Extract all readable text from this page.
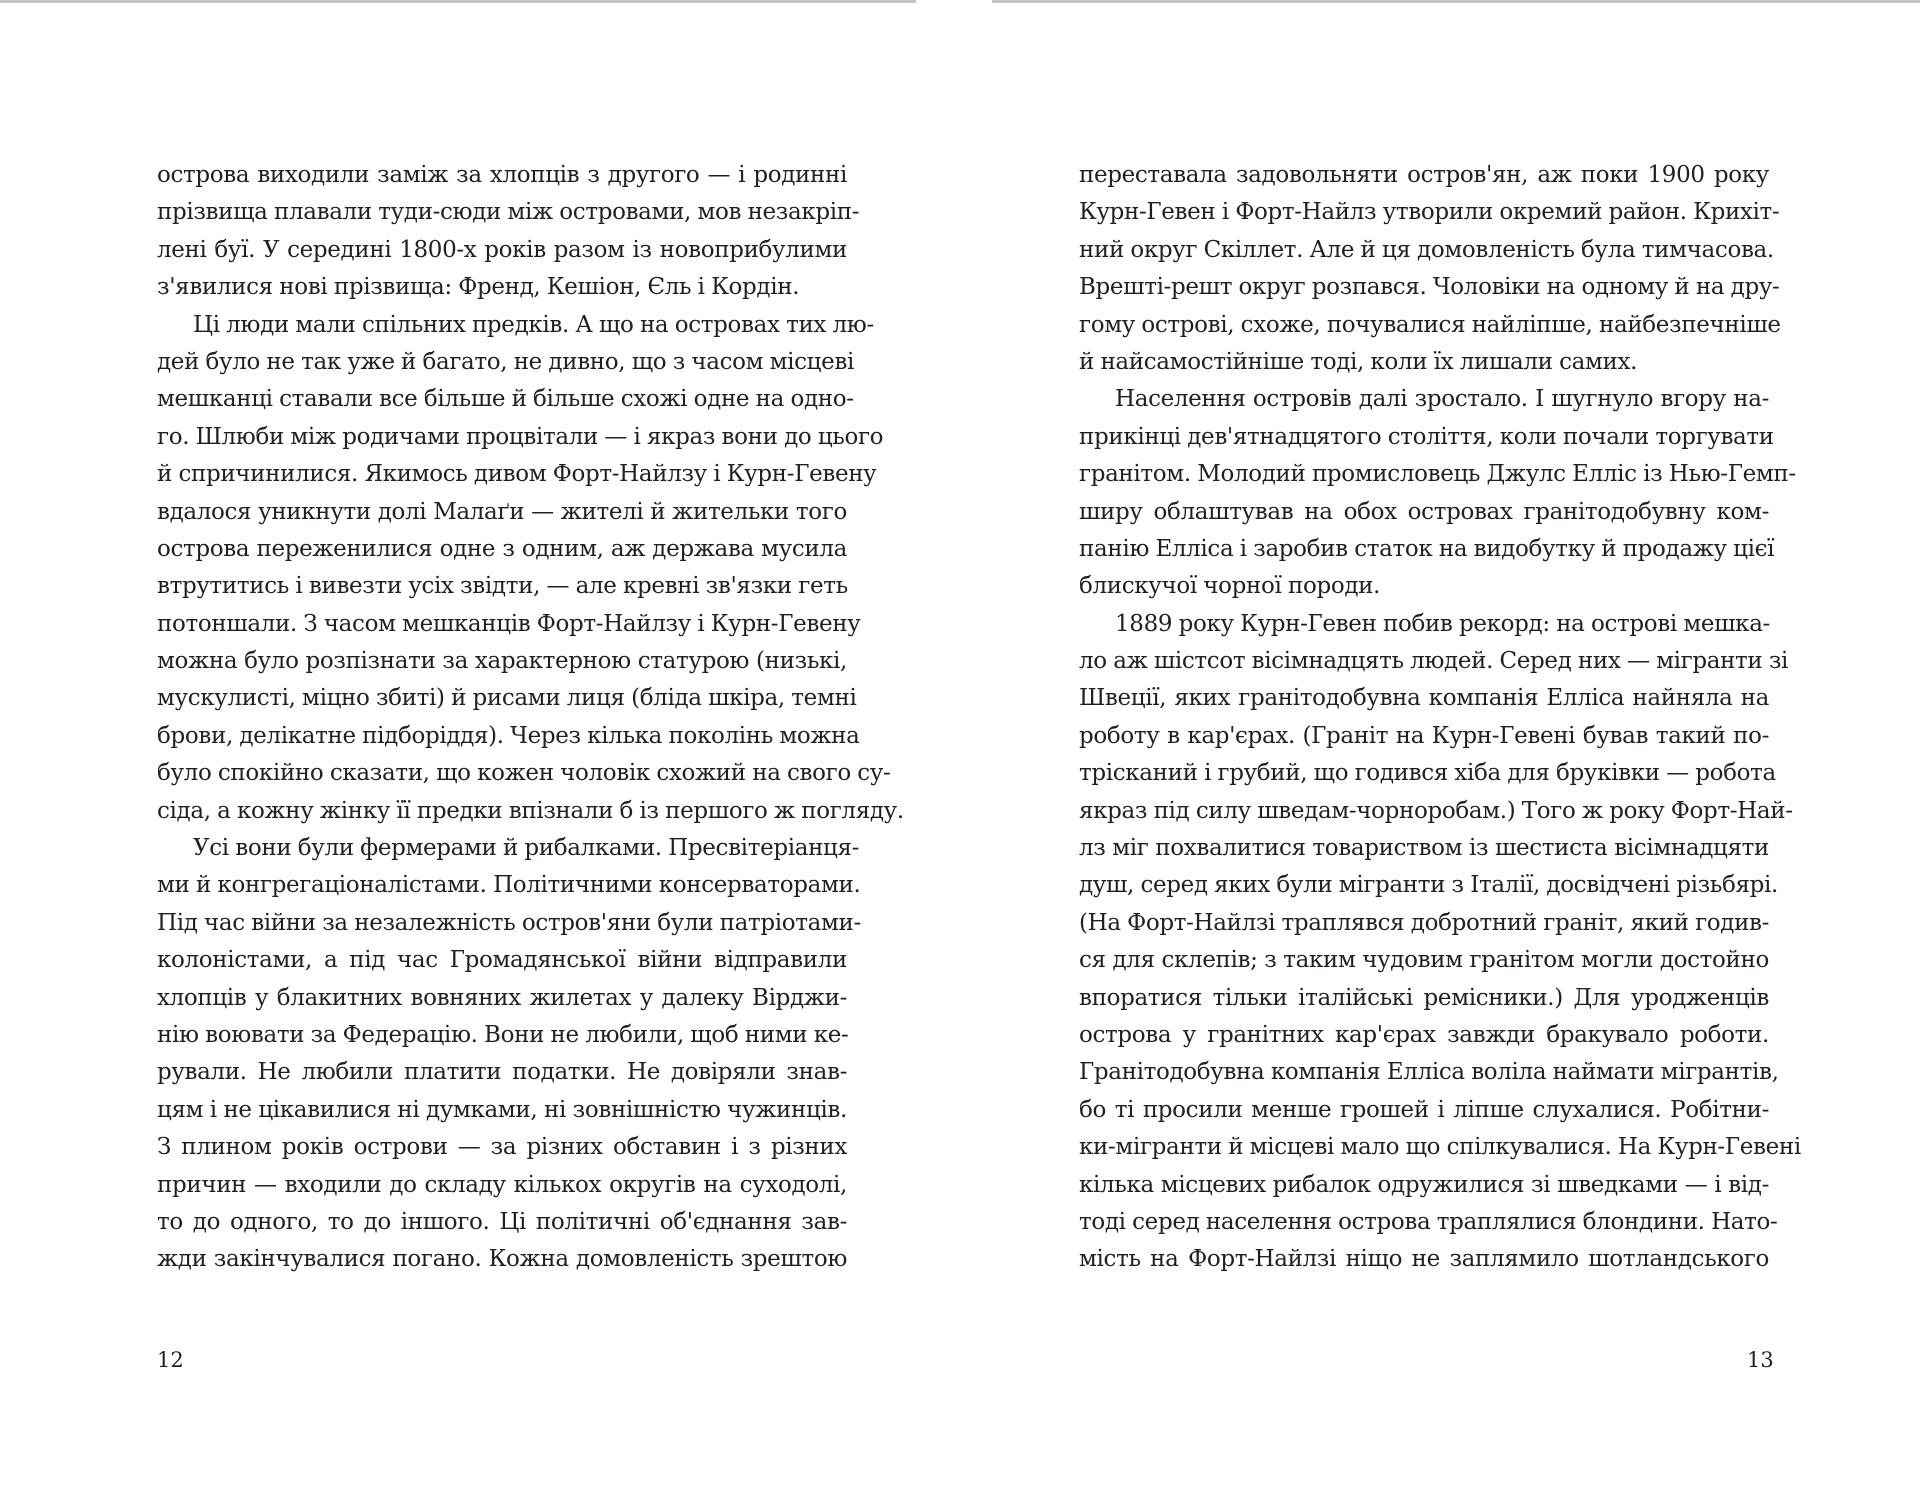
острова виходили заміж за хлопців з другого — і родинні
прізвища плавали туди-сюди між островами, мов незакріп-
лені буї. У середині 1800-х років разом із новоприбулими
з'явилися нові прізвища: Френд, Кешіон, Єль і Кордін.
Ці люди мали спільних предків. А що на островах тих лю-
дей було не так уже й багато, не дивно, що з часом місцеві
мешканці ставали все більше й більше схожі одне на одно-
го. Шлюби між родичами процвітали — і якраз вони до цього
й спричинилися. Якимось дивом Форт-Найлзу і Курн-Гевену
вдалося уникнути долі Малаґи — жителі й жительки того
острова переженилися одне з одним, аж держава мусила
втрутитись і вивезти усіх звідти, — але кревні зв'язки геть
потоншали. З часом мешканців Форт-Найлзу і Курн-Гевену
можна було розпізнати за характерною статурою (низькі,
мускулисті, міцно збиті) й рисами лиця (бліда шкіра, темні
брови, делікатне підборіддя). Через кілька поколінь можна
було спокійно сказати, що кожен чоловік схожий на свого су-
сіда, а кожну жінку її предки впізнали б із першого ж погляду.
Усі вони були фермерами й рибалками. Пресвітеріанця-
ми й конгрегаціоналістами. Політичними консерваторами.
Під час війни за незалежність остров'яни були патріотами-
колоністами, а під час Громадянської війни відправили
хлопців у блакитних вовняних жилетах у далеку Вірджи-
нію воювати за Федерацію. Вони не любили, щоб ними ке-
рували. Не любили платити податки. Не довіряли знав-
цям і не цікавилися ні думками, ні зовнішністю чужинців.
З плином років острови — за різних обставин і з різних
причин — входили до складу кількох округів на суходолі,
то до одного, то до іншого. Ці політичні об'єднання зав-
жди закінчувалися погано. Кожна домовленість зрештою
12
переставала задовольняти остров'ян, аж поки 1900 року
Курн-Гевен і Форт-Найлз утворили окремий район. Крихіт-
ний округ Скіллет. Але й ця домовленість була тимчасова.
Врешті-решт округ розпався. Чоловіки на одному й на дру-
гому острові, схоже, почувалися найліпше, найбезпечніше
й найсамостійніше тоді, коли їх лишали самих.
Населення островів далі зростало. І шугнуло вгору на-
прикінці дев'ятнадцятого століття, коли почали торгувати
гранітом. Молодий промисловець Джулс Елліс із Нью-Гемп-
ширу облаштував на обох островах гранітодобувну ком-
панію Елліса і заробив статок на видобутку й продажу цієї
блискучої чорної породи.
1889 року Курн-Гевен побив рекорд: на острові мешка-
ло аж шістсот вісімнадцять людей. Серед них — мігранти зі
Швеції, яких гранітодобувна компанія Елліса найняла на
роботу в кар'єрах. (Граніт на Курн-Гевені бував такий по-
трісканий і грубий, що годився хіба для бруківки — робота
якраз під силу шведам-чорноробам.) Того ж року Форт-Най-
лз міг похвалитися товариством із шестиста вісімнадцяти
душ, серед яких були мігранти з Італії, досвідчені різьбярі.
(На Форт-Найлзі траплявся добротний граніт, який годив-
ся для склепів; з таким чудовим гранітом могли достойно
впоратися тільки італійські ремісники.) Для уродженців
острова у гранітних кар'єрах завжди бракувало роботи.
Гранітодобувна компанія Елліса воліла наймати мігрантів,
бо ті просили менше грошей і ліпше слухалися. Робітни-
ки-мігранти й місцеві мало що спілкувалися. На Курн-Гевені
кілька місцевих рибалок одружилися зі шведками — і від-
тоді серед населення острова траплялися блондини. Нато-
мість на Форт-Найлзі ніщо не заплямило шотландського
13
